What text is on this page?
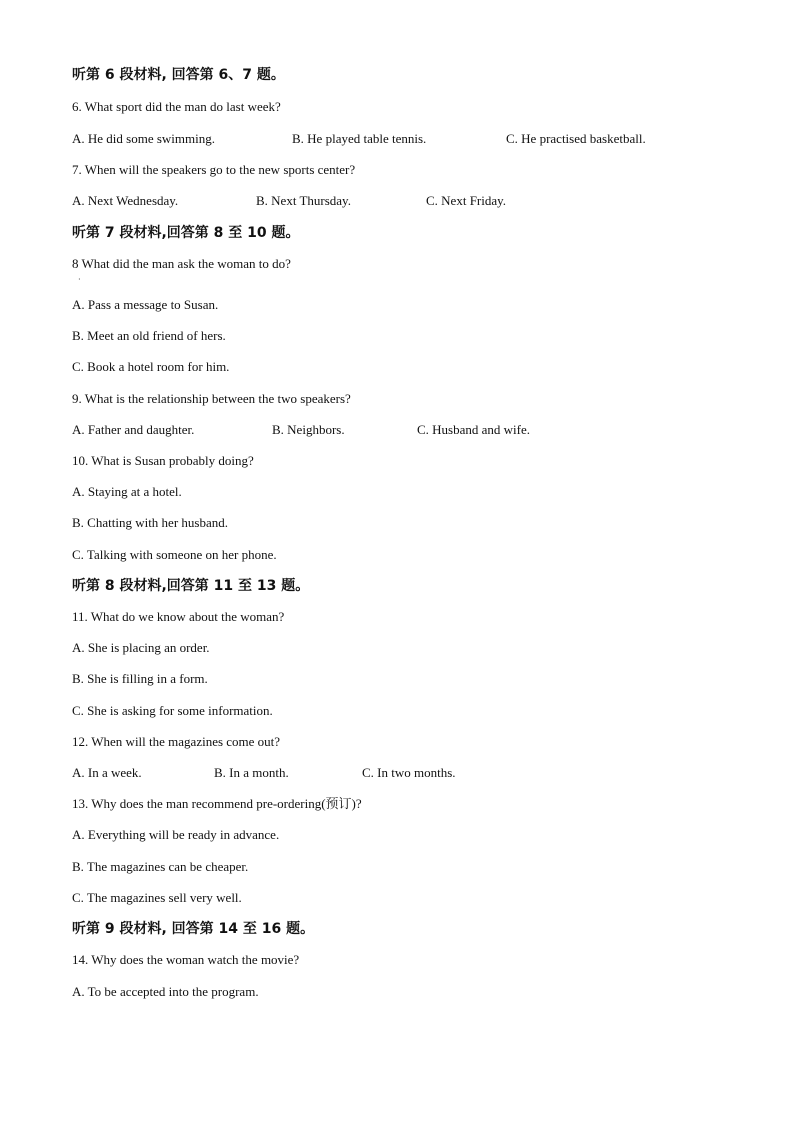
听第 6 段材料, 回答第 6、7 题。
6. What sport did the man do last week?
A. He did some swimming.	B. He played table tennis.	C. He practised basketball.
7. When will the speakers go to the new sports center?
A. Next Wednesday.	B. Next Thursday.	C. Next Friday.
听第 7 段材料,回答第 8 至 10 题。
8 What did the man ask the woman to do?
·
A. Pass a message to Susan.
B. Meet an old friend of hers.
C. Book a hotel room for him.
9. What is the relationship between the two speakers?
A. Father and daughter.	B. Neighbors.	C. Husband and wife.
10. What is Susan probably doing?
A. Staying at a hotel.
B. Chatting with her husband.
C. Talking with someone on her phone.
听第 8 段材料,回答第 11 至 13 题。
11. What do we know about the woman?
A. She is placing an order.
B. She is filling in a form.
C. She is asking for some information.
12. When will the magazines come out?
A. In a week.	B. In a month.	C. In two months.
13. Why does the man recommend pre-ordering(预订)?
A. Everything will be ready in advance.
B. The magazines can be cheaper.
C. The magazines sell very well.
听第 9 段材料, 回答第 14 至 16 题。
14. Why does the woman watch the movie?
A. To be accepted into the program.
